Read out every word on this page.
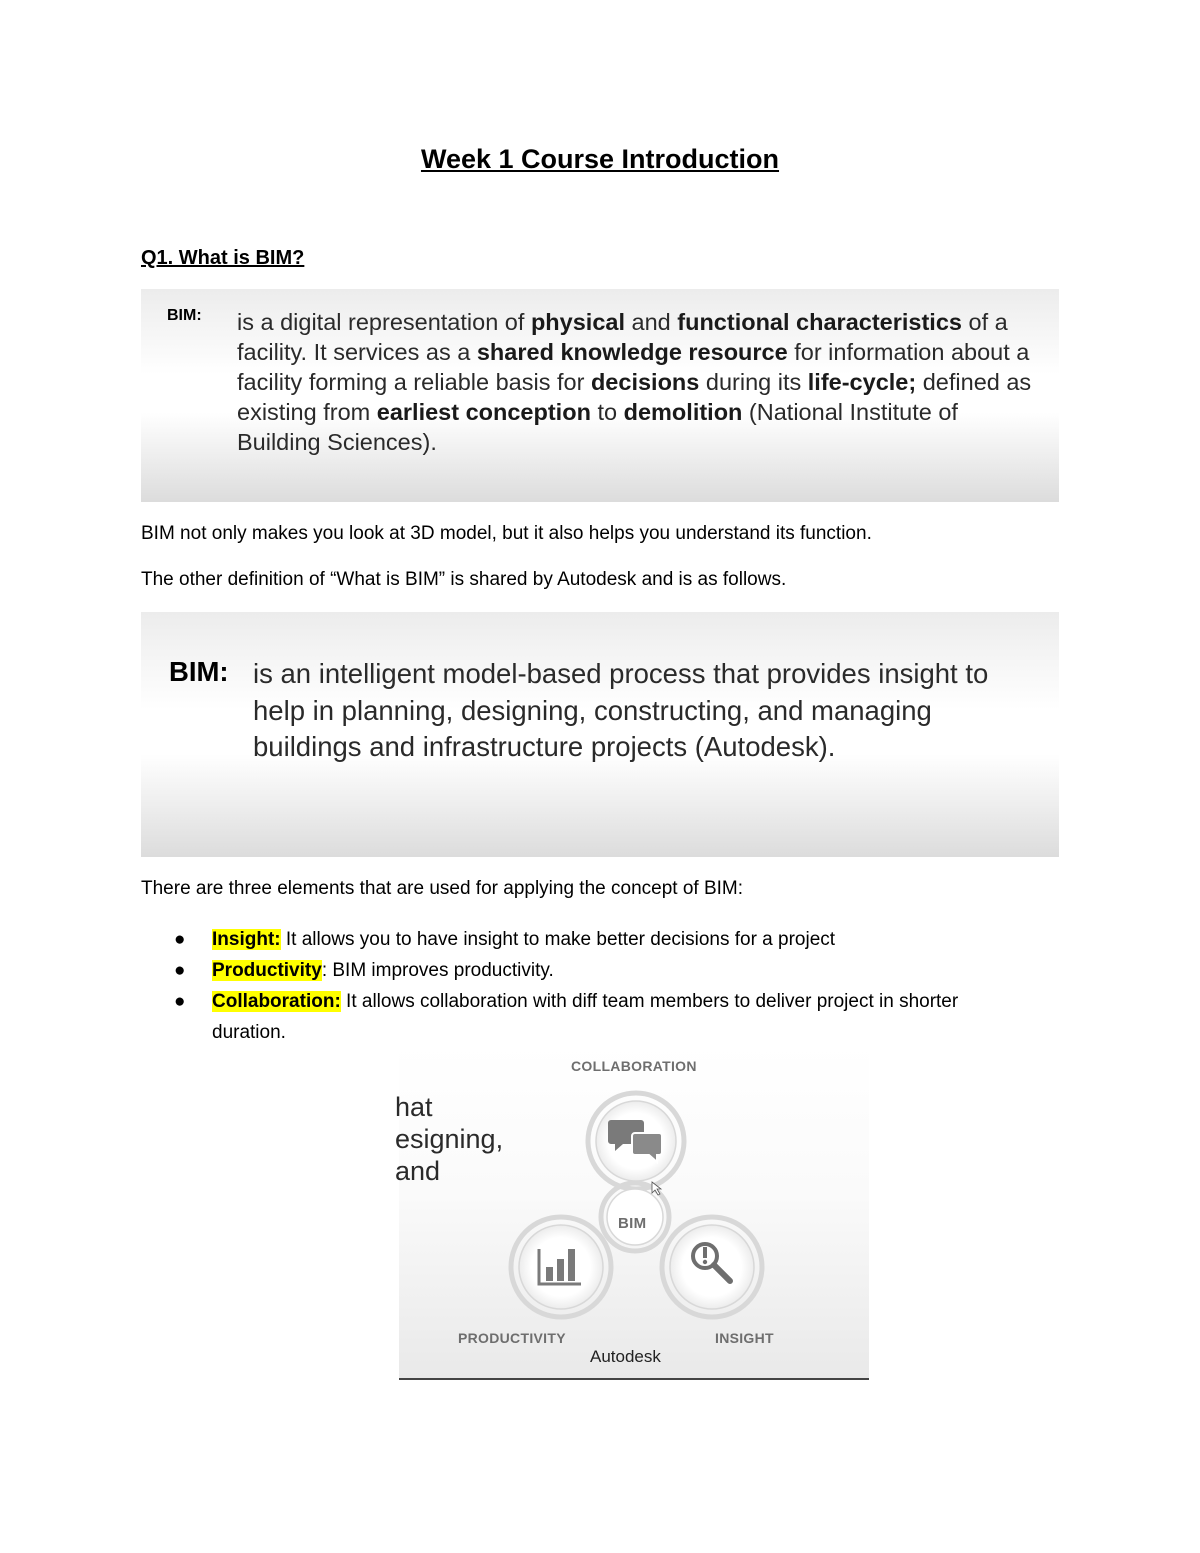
Week 1 Course Introduction
Q1. What is BIM?
BIM: is a digital representation of physical and functional characteristics of a facility. It services as a shared knowledge resource for information about a facility forming a reliable basis for decisions during its life-cycle; defined as existing from earliest conception to demolition (National Institute of Building Sciences).

BIM not only makes you look at 3D model, but it also helps you understand its function.

The other definition of “What is BIM” is shared by Autodesk and is as follows.

BIM: is an intelligent model-based process that provides insight to help in planning, designing, constructing, and managing buildings and infrastructure projects (Autodesk).

There are three elements that are used for applying the concept of BIM:

● Insight: It allows you to have insight to make better decisions for a project
● Productivity: BIM improves productivity.
● Collaboration: It allows collaboration with diff team members to deliver project in shorter duration.

hat

esigning,

and

COLLABORATION

BIM

PRODUCTIVITY	INSIGHT

Autodesk
